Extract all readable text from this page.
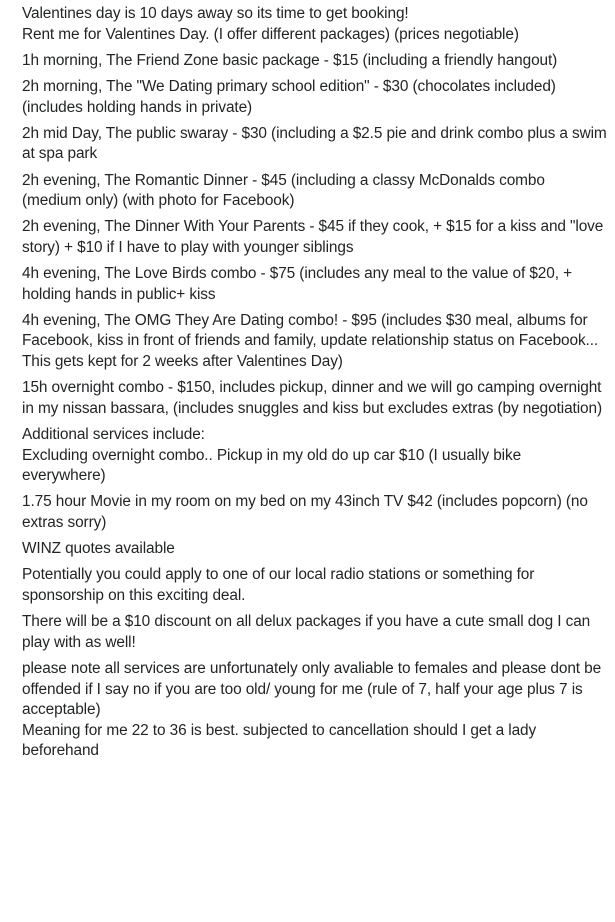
Valentines day is 10 days away so its time to get booking!

Rent me for Valentines Day. (I offer different packages) (prices negotiable)

1h morning, The Friend Zone basic package - $15 (including a friendly hangout)

2h morning, The "We Dating primary school edition" - $30 (chocolates included) (includes holding hands in private)

2h mid Day, The public swaray - $30 (including a $2.5 pie and drink combo plus a swim at spa park

2h evening, The Romantic Dinner - $45 (including a classy McDonalds combo (medium only) (with photo for Facebook)

2h evening, The Dinner With Your Parents - $45 if they cook, + $15 for a kiss and "love story) + $10 if I have to play with younger siblings

4h evening, The Love Birds combo - $75 (includes any meal to the value of $20, + holding hands in public+ kiss

4h evening, The OMG They Are Dating combo! - $95 (includes $30 meal, albums for Facebook, kiss in front of friends and family, update relationship status on Facebook... This gets kept for 2 weeks after Valentines Day)

15h overnight combo - $150, includes pickup, dinner and we will go camping overnight in my nissan bassara, (includes snuggles and kiss but excludes extras (by negotiation)

Additional services include:

Excluding overnight combo.. Pickup in my old do up car $10 (I usually bike everywhere)

1.75 hour Movie in my room on my bed on my 43inch TV $42 (includes popcorn) (no extras sorry)

WINZ quotes available

Potentially you could apply to one of our local radio stations or something for sponsorship on this exciting deal.

There will be a $10 discount on all delux packages if you have a cute small dog I can play with as well!

please note all services are unfortunately only avaliable to females and please dont be offended if I say no if you are too old/ young for me (rule of 7, half your age plus 7 is acceptable)

Meaning for me 22 to 36 is best. subjected to cancellation should I get a lady beforehand
